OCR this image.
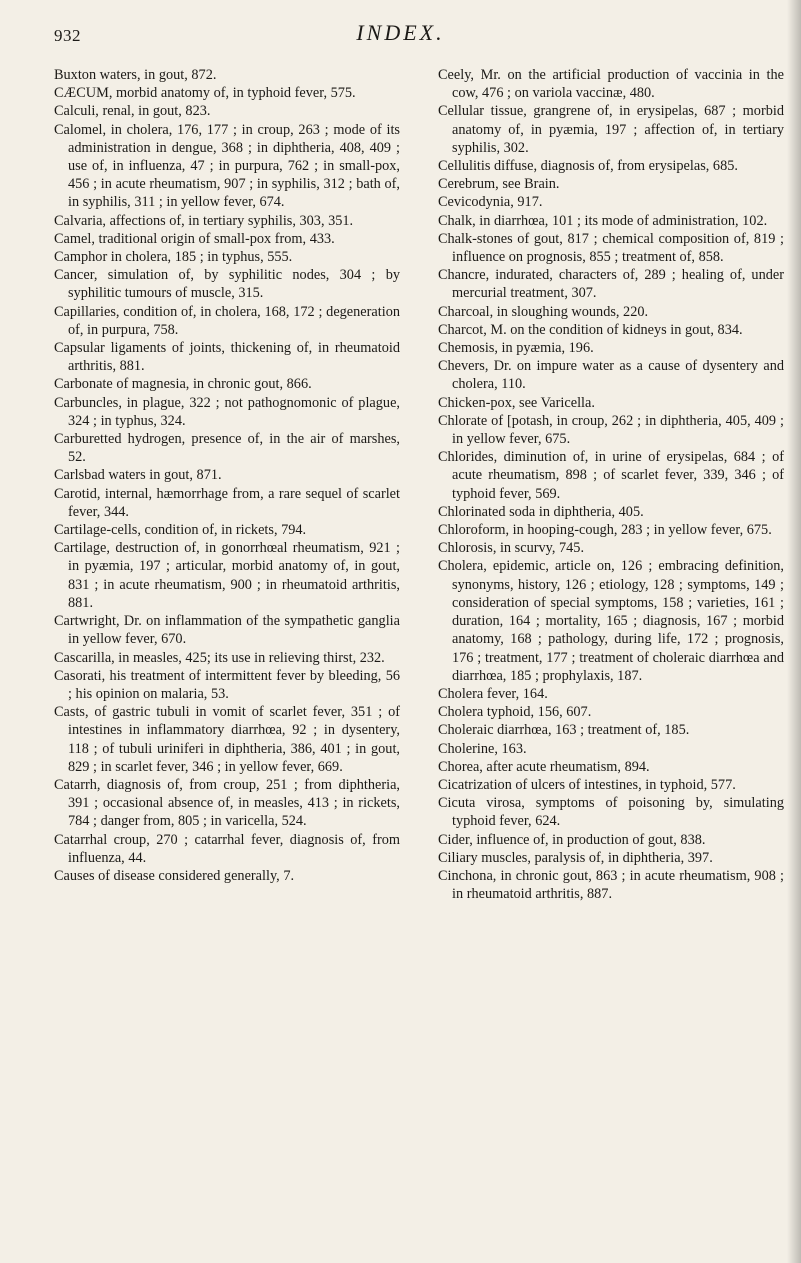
932	INDEX.

Buxton waters, in gout, 872.

CÆCUM, morbid anatomy of, in typhoid fever, 575.

Calculi, renal, in gout, 823.

Calomel, in cholera, 176, 177 ; in croup, 263 ; mode of its administration in dengue, 368 ; in diphtheria, 408, 409 ; use of, in influenza, 47 ; in purpura, 762 ; in small-pox, 456 ; in acute rheumatism, 907 ; in syphilis, 312 ; bath of, in syphilis, 311 ; in yellow fever, 674.

Calvaria, affections of, in tertiary syphilis, 303, 351.

Camel, traditional origin of small-pox from, 433.

Camphor in cholera, 185 ; in typhus, 555.

Cancer, simulation of, by syphilitic nodes, 304 ; by syphilitic tumours of muscle, 315.

Capillaries, condition of, in cholera, 168, 172 ; degeneration of, in purpura, 758.

Capsular ligaments of joints, thickening of, in rheumatoid arthritis, 881.

Carbonate of magnesia, in chronic gout, 866.

Carbuncles, in plague, 322 ; not pathognomonic of plague, 324 ; in typhus, 324.

Carburetted hydrogen, presence of, in the air of marshes, 52.

Carlsbad waters in gout, 871.

Carotid, internal, hæmorrhage from, a rare sequel of scarlet fever, 344.

Cartilage-cells, condition of, in rickets, 794.

Cartilage, destruction of, in gonorrhœal rheumatism, 921 ; in pyæmia, 197 ; articular, morbid anatomy of, in gout, 831 ; in acute rheumatism, 900 ; in rheumatoid arthritis, 881.

Cartwright, Dr. on inflammation of the sympathetic ganglia in yellow fever, 670.

Cascarilla, in measles, 425; its use in relieving thirst, 232.

Casorati, his treatment of intermittent fever by bleeding, 56 ; his opinion on malaria, 53.

Casts, of gastric tubuli in vomit of scarlet fever, 351 ; of intestines in inflammatory diarrhœa, 92 ; in dysentery, 118 ; of tubuli uriniferi in diphtheria, 386, 401 ; in gout, 829 ; in scarlet fever, 346 ; in yellow fever, 669.

Catarrh, diagnosis of, from croup, 251 ; from diphtheria, 391 ; occasional absence of, in measles, 413 ; in rickets, 784 ; danger from, 805 ; in varicella, 524.

Catarrhal croup, 270 ; catarrhal fever, diagnosis of, from influenza, 44.

Causes of disease considered generally, 7.

Ceely, Mr. on the artificial production of vaccinia in the cow, 476 ; on variola vaccinæ, 480.

Cellular tissue, grangrene of, in erysipelas, 687 ; morbid anatomy of, in pyæmia, 197 ; affection of, in tertiary syphilis, 302.

Cellulitis diffuse, diagnosis of, from erysipelas, 685.

Cerebrum, see Brain.

Cevicodynia, 917.

Chalk, in diarrhœa, 101 ; its mode of administration, 102.

Chalk-stones of gout, 817 ; chemical composition of, 819 ; influence on prognosis, 855 ; treatment of, 858.

Chancre, indurated, characters of, 289 ; healing of, under mercurial treatment, 307.

Charcoal, in sloughing wounds, 220.

Charcot, M. on the condition of kidneys in gout, 834.

Chemosis, in pyæmia, 196.

Chevers, Dr. on impure water as a cause of dysentery and cholera, 110.

Chicken-pox, see Varicella.

Chlorate of [potash, in croup, 262 ; in diphtheria, 405, 409 ; in yellow fever, 675.

Chlorides, diminution of, in urine of erysipelas, 684 ; of acute rheumatism, 898 ; of scarlet fever, 339, 346 ; of typhoid fever, 569.

Chlorinated soda in diphtheria, 405.

Chloroform, in hooping-cough, 283 ; in yellow fever, 675.

Chlorosis, in scurvy, 745.

Cholera, epidemic, article on, 126 ; embracing definition, synonyms, history, 126 ; etiology, 128 ; symptoms, 149 ; consideration of special symptoms, 158 ; varieties, 161 ; duration, 164 ; mortality, 165 ; diagnosis, 167 ; morbid anatomy, 168 ; pathology, during life, 172 ; prognosis, 176 ; treatment, 177 ; treatment of choleraic diarrhœa and diarrhœa, 185 ; prophylaxis, 187.

Cholera fever, 164.

Cholera typhoid, 156, 607.

Choleraic diarrhœa, 163 ; treatment of, 185.

Cholerine, 163.

Chorea, after acute rheumatism, 894.

Cicatrization of ulcers of intestines, in typhoid, 577.

Cicuta virosa, symptoms of poisoning by, simulating typhoid fever, 624.

Cider, influence of, in production of gout, 838.

Ciliary muscles, paralysis of, in diphtheria, 397.

Cinchona, in chronic gout, 863 ; in acute rheumatism, 908 ; in rheumatoid arthritis, 887.
